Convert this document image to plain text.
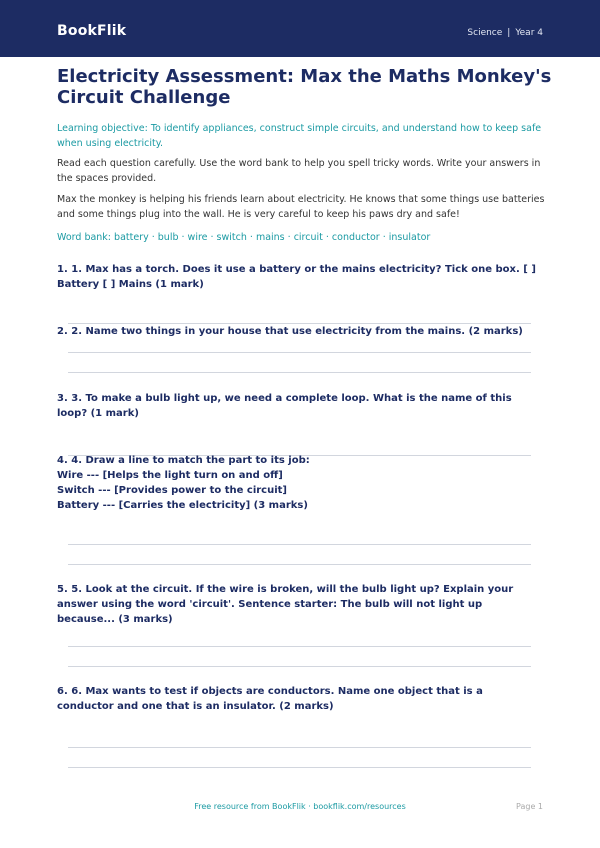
BookFlik	Science | Year 4
Electricity Assessment: Max the Maths Monkey's Circuit Challenge

Learning objective: To identify appliances, construct simple circuits, and understand how to keep safe when using electricity.

Read each question carefully. Use the word bank to help you spell tricky words. Write your answers in the spaces provided.

Max the monkey is helping his friends learn about electricity. He knows that some things use batteries and some things plug into the wall. He is very careful to keep his paws dry and safe!

Word bank: battery · bulb · wire · switch · mains · circuit · conductor · insulator

1. 1. Max has a torch. Does it use a battery or the mains electricity? Tick one box. [ ] Battery [ ] Mains (1 mark)
2. 2. Name two things in your house that use electricity from the mains. (2 marks)
3. 3. To make a bulb light up, we need a complete loop. What is the name of this loop? (1 mark)
4. 4. Draw a line to match the part to its job:
Wire --- [Helps the light turn on and off]
Switch --- [Provides power to the circuit]
Battery --- [Carries the electricity] (3 marks)
5. 5. Look at the circuit. If the wire is broken, will the bulb light up? Explain your answer using the word 'circuit'. Sentence starter: The bulb will not light up because... (3 marks)
6. 6. Max wants to test if objects are conductors. Name one object that is a conductor and one that is an insulator. (2 marks)
Free resource from BookFlik · bookflik.com/resources	Page 1
